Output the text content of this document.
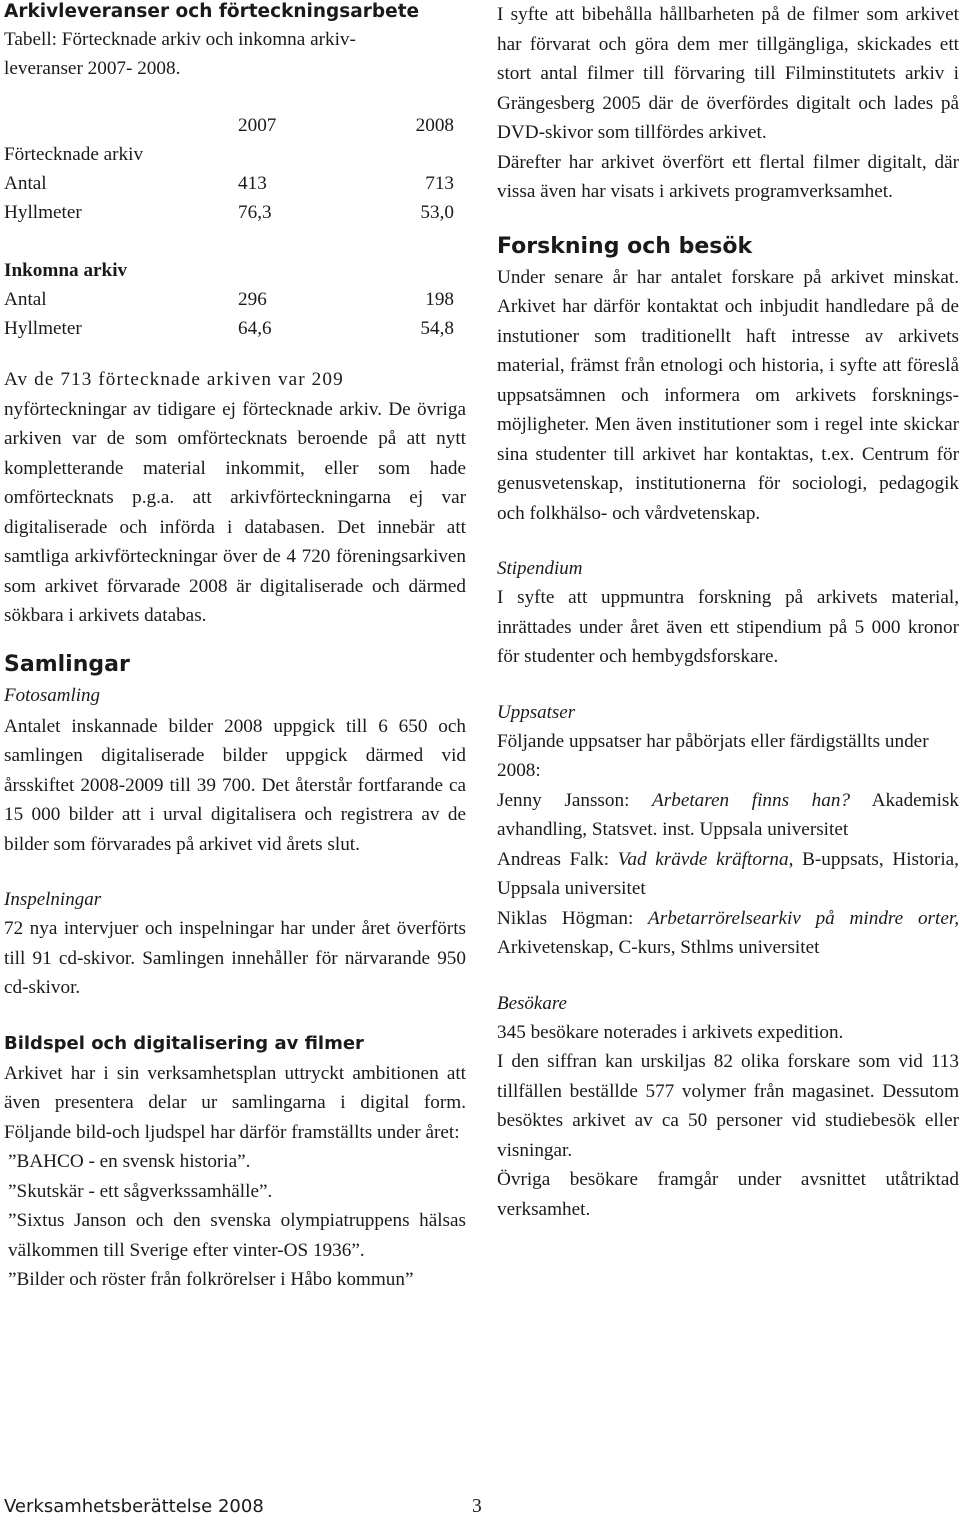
Arkivleveranser och förteckningsarbete

Tabell: Förtecknade arkiv och inkomna arkiv-

leveranser 2007- 2008.

	2007	2008
Förtecknade arkiv		
Antal	413	713
Hyllmeter	76,3	53,0

Inkomna arkiv		
Antal	296	198
Hyllmeter	64,6	54,8

Av de 713 förtecknade arkiven var 209

nyförteckningar av tidigare ej förtecknade arkiv. De övriga arkiven var de som omförtecknats beroende på att nytt kompletterande material inkommit, eller som hade omförtecknats p.g.a. att arkivförteckningarna ej var digitaliserade och införda i databasen. Det innebär att samtliga arkivförteckningar över de 4 720 föreningsarkiven som arkivet förvarade 2008 är digitaliserade och därmed sökbara i arkivets databas.

Samlingar

Fotosamling

Antalet inskannade bilder 2008 uppgick till 6 650 och samlingen digitaliserade bilder uppgick därmed vid årsskiftet 2008-2009 till 39 700. Det återstår fortfarande ca 15 000 bilder att i urval digitalisera och registrera av de bilder som förvarades på arkivet vid årets slut.

Inspelningar

72 nya intervjuer och inspelningar har under året överförts till 91 cd-skivor. Samlingen innehåller för närvarande 950 cd-skivor.

Bildspel och digitalisering av filmer

Arkivet har i sin verksamhetsplan uttryckt ambitionen att även presentera delar ur samlingarna i digital form. Följande bild-och ljudspel har därför framställts under året:

”BAHCO - en svensk historia”.

”Skutskär - ett sågverkssamhälle”.

”Sixtus Janson och den svenska olympiatruppens hälsas välkommen till Sverige efter vinter-OS 1936”.

”Bilder och röster från folkrörelser i Håbo kommun”

I syfte att bibehålla hållbarheten på de filmer som arkivet har förvarat och göra dem mer tillgängliga, skickades ett stort antal filmer till förvaring till Filminstitutets arkiv i Grängesberg 2005 där de överfördes digitalt och lades på DVD-skivor som tillfördes arkivet.

Därefter har arkivet överfört ett flertal filmer digitalt, där vissa även har visats i arkivets programverksamhet.

Forskning och besök

Under senare år har antalet forskare på arkivet minskat. Arkivet har därför kontaktat och inbjudit handledare på de instutioner som traditionellt haft intresse av arkivets material, främst från etnologi och historia, i syfte att föreslå uppsatsämnen och informera om arkivets forskningsmöjligheter. Men även institutioner som i regel inte skickar sina studenter till arkivet har kontaktas, t.ex. Centrum för genusvetenskap, institutionerna för sociologi, pedagogik och folkhälso- och vårdvetenskap.

Stipendium

I syfte att uppmuntra forskning på arkivets material, inrättades under året även ett stipendium på 5 000 kronor för studenter och hembygdsforskare.

Uppsatser

Följande uppsatser har påbörjats eller färdigställts under 2008:

Jenny Jansson: Arbetaren finns han? Akademisk avhandling, Statsvet. inst. Uppsala universitet

Andreas Falk: Vad krävde kräftorna, B-uppsats, Historia, Uppsala universitet

Niklas Högman: Arbetarrörelsearkiv på mindre orter, Arkivetenskap, C-kurs, Sthlms universitet

Besökare

345 besökare noterades i arkivets expedition.

I den siffran kan urskiljas 82 olika forskare som vid 113 tillfällen beställde 577 volymer från magasinet. Dessutom besöktes arkivet av ca 50 personer vid studiebesök eller visningar.

Övriga besökare framgår under avsnittet utåtriktad verksamhet.

Verksamhetsberättelse 2008	3
